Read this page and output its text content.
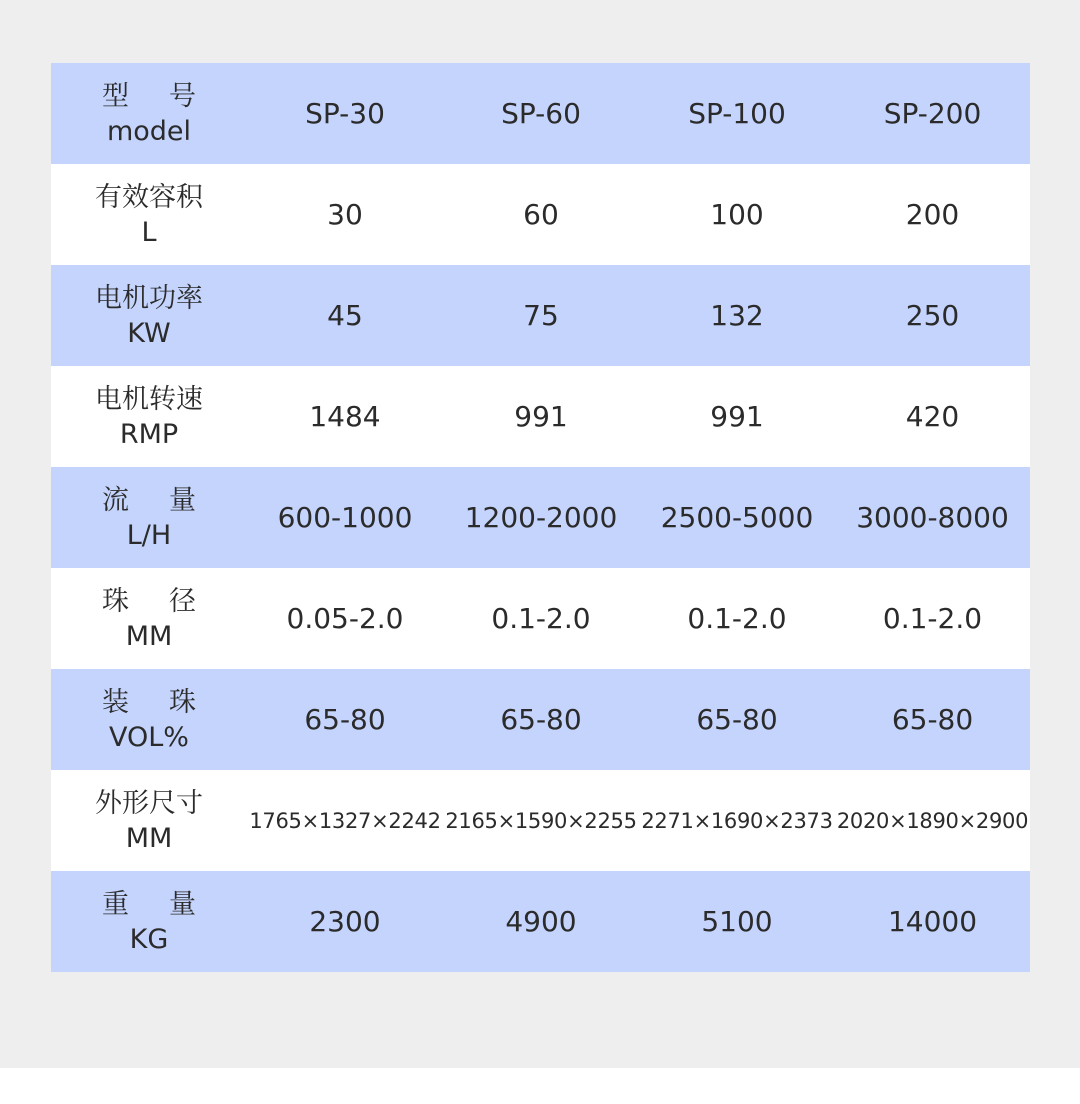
型号
model
SP-30	SP-60	SP-100	SP-200
有效容积
L
30	60	100	200
电机功率
KW
45	75	132	250
电机转速
RMP
1484	991	991	420
流量
L/H
600-1000	1200-2000	2500-5000	3000-8000
珠径
MM
0.05-2.0	0.1-2.0	0.1-2.0	0.1-2.0
装珠
VOL%
65-80	65-80	65-80	65-80
外形尺寸
MM
1765×1327×2242 2165×1590×2255 2271×1690×2373 2020×1890×2900
重量
KG
2300	4900	5100	14000
